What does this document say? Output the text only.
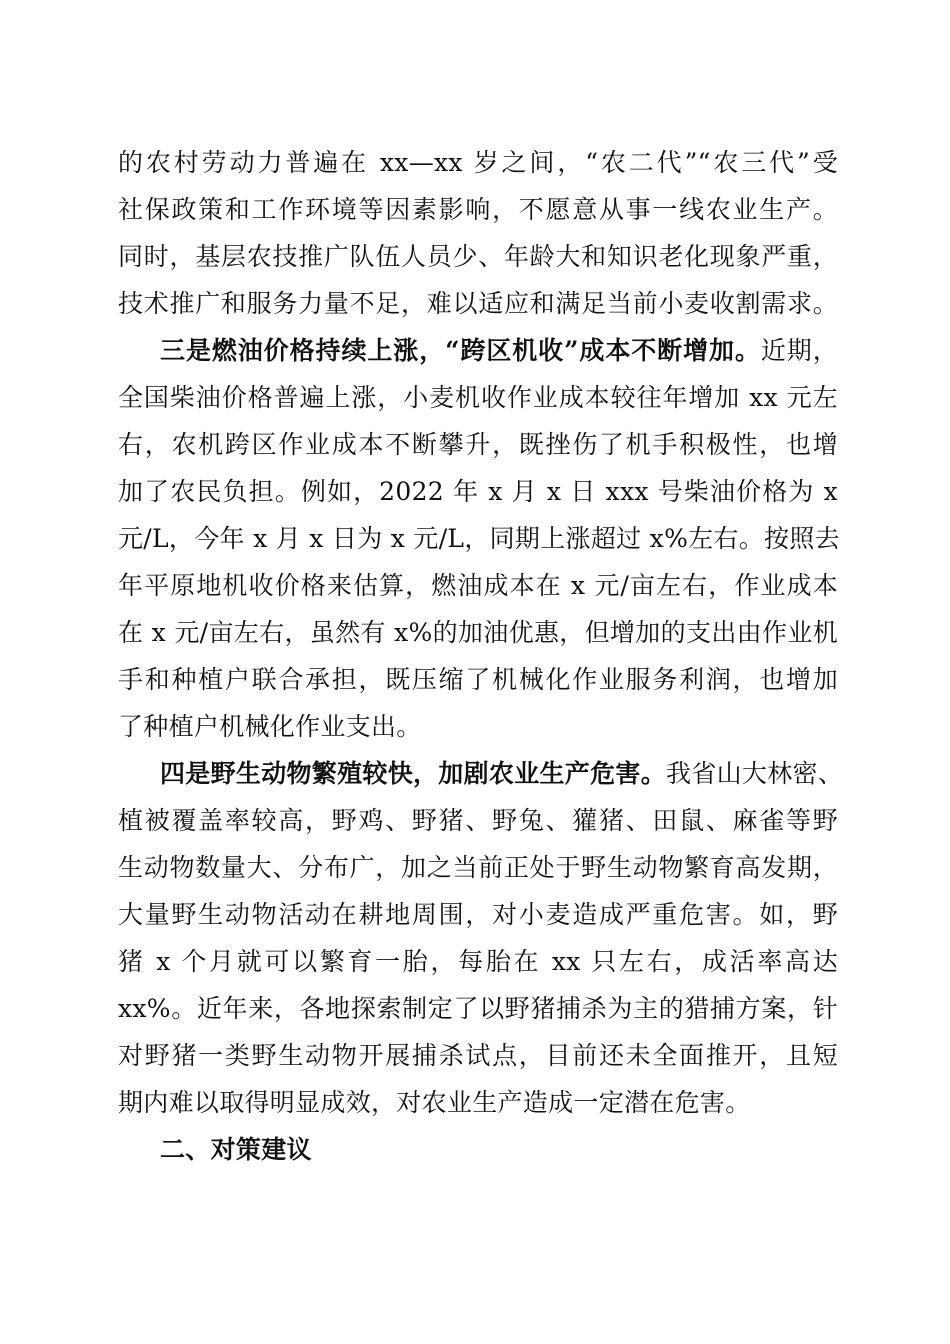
的农村劳动力普遍在 xx—xx 岁之间，“农二代”“农三代”受
社保政策和工作环境等因素影响，不愿意从事一线农业生产。
同时，基层农技推广队伍人员少、年龄大和知识老化现象严重，
技术推广和服务力量不足，难以适应和满足当前小麦收割需求。
三是燃油价格持续上涨，“跨区机收”成本不断增加。近期，
全国柴油价格普遍上涨，小麦机收作业成本较往年增加 xx 元左
右，农机跨区作业成本不断攀升，既挫伤了机手积极性，也增
加了农民负担。例如，2022 年 x 月 x 日 xxx 号柴油价格为 x
元/L，今年 x 月 x 日为 x 元/L，同期上涨超过 x%左右。按照去
年平原地机收价格来估算，燃油成本在 x 元/亩左右，作业成本
在 x 元/亩左右，虽然有 x%的加油优惠，但增加的支出由作业机
手和种植户联合承担，既压缩了机械化作业服务利润，也增加
了种植户机械化作业支出。
四是野生动物繁殖较快，加剧农业生产危害。我省山大林密、
植被覆盖率较高，野鸡、野猪、野兔、獾猪、田鼠、麻雀等野
生动物数量大、分布广，加之当前正处于野生动物繁育高发期，
大量野生动物活动在耕地周围，对小麦造成严重危害。如，野
猪 x 个月就可以繁育一胎，每胎在 xx 只左右，成活率高达
xx%。近年来，各地探索制定了以野猪捕杀为主的猎捕方案，针
对野猪一类野生动物开展捕杀试点，目前还未全面推开，且短
期内难以取得明显成效，对农业生产造成一定潜在危害。
二、对策建议
